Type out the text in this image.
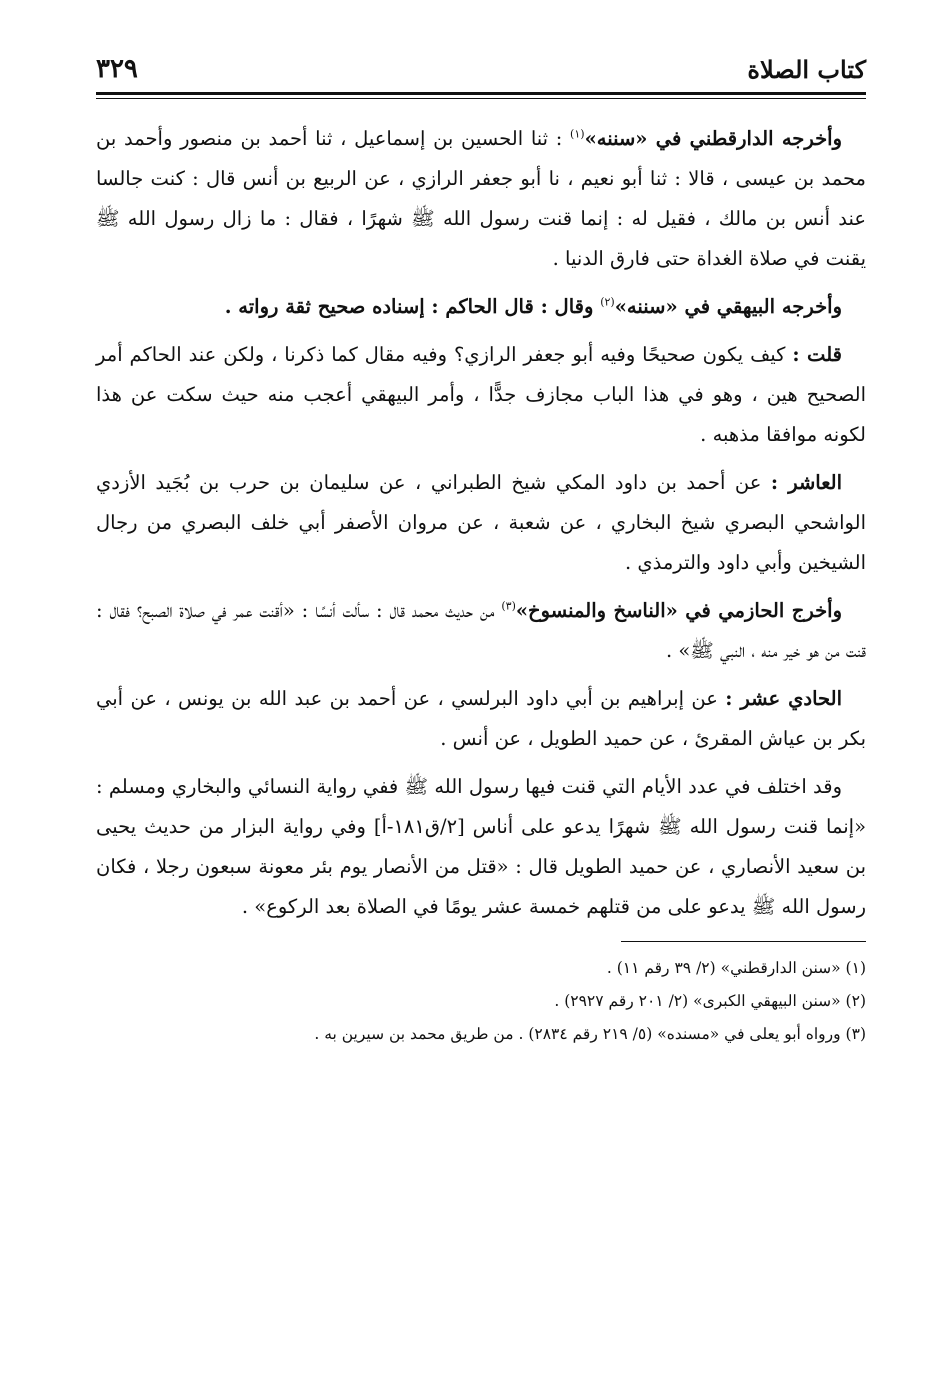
كتاب الصلاة
٣٢٩

وأخرجه الدارقطني في «سننه»$^{(١)}$ : ثنا الحسين بن إسماعيل ، ثنا أحمد بن منصور وأحمد بن محمد بن عيسى ، قالا : ثنا أبو نعيم ، نا أبو جعفر الرازي ، عن الربيع بن أنس قال : كنت جالسا عند أنس بن مالك ، فقيل له : إنما قنت رسول الله ﷺ شهرًا ، فقال : ما زال رسول الله ﷺ يقنت في صلاة الغداة حتى فارق الدنيا .

وأخرجه البيهقي في «سننه»$^{(٢)}$ وقال : قال الحاكم : إسناده صحيح ثقة رواته .

قلت : كيف يكون صحيحًا وفيه أبو جعفر الرازي؟ وفيه مقال كما ذكرنا ، ولكن عند الحاكم أمر الصحيح هين ، وهو في هذا الباب مجازف جدًّا ، وأمر البيهقي أعجب منه حيث سكت عن هذا لكونه موافقا مذهبه .

العاشر : عن أحمد بن داود المكي شيخ الطبراني ، عن سليمان بن حرب بن بُجَيد الأزدي الواشحي البصري شيخ البخاري ، عن شعبة ، عن مروان الأصفر أبي خلف البصري من رجال الشيخين وأبي داود والترمذي .

وأخرج الحازمي في «الناسخ والمنسوخ»$^{(٣)}$ من حديث محمد قال : سألت أنسًا : «أقنت عمر في صلاة الصبح؟ فقال : قنت من هو خير منه ، النبي ﷺ» .

الحادي عشر : عن إبراهيم بن أبي داود البرلسي ، عن أحمد بن عبد الله بن يونس ، عن أبي بكر بن عياش المقرئ ، عن حميد الطويل ، عن أنس .

وقد اختلف في عدد الأيام التي قنت فيها رسول الله ﷺ ففي رواية النسائي والبخاري ومسلم : «إنما قنت رسول الله ﷺ شهرًا يدعو على أناس [٢/ق١٨١-أ] وفي رواية البزار من حديث يحيى بن سعيد الأنصاري ، عن حميد الطويل قال : «قتل من الأنصار يوم بئر معونة سبعون رجلا ، فكان رسول الله ﷺ يدعو على من قتلهم خمسة عشر يومًا في الصلاة بعد الركوع» .

(١) «سنن الدارقطني» (٢/ ٣٩ رقم ١١) .

(٢) «سنن البيهقي الكبرى» (٢/ ٢٠١ رقم ٢٩٢٧) .

(٣) ورواه أبو يعلى في «مسنده» (٥/ ٢١٩ رقم ٢٨٣٤) . من طريق محمد بن سيرين به .
